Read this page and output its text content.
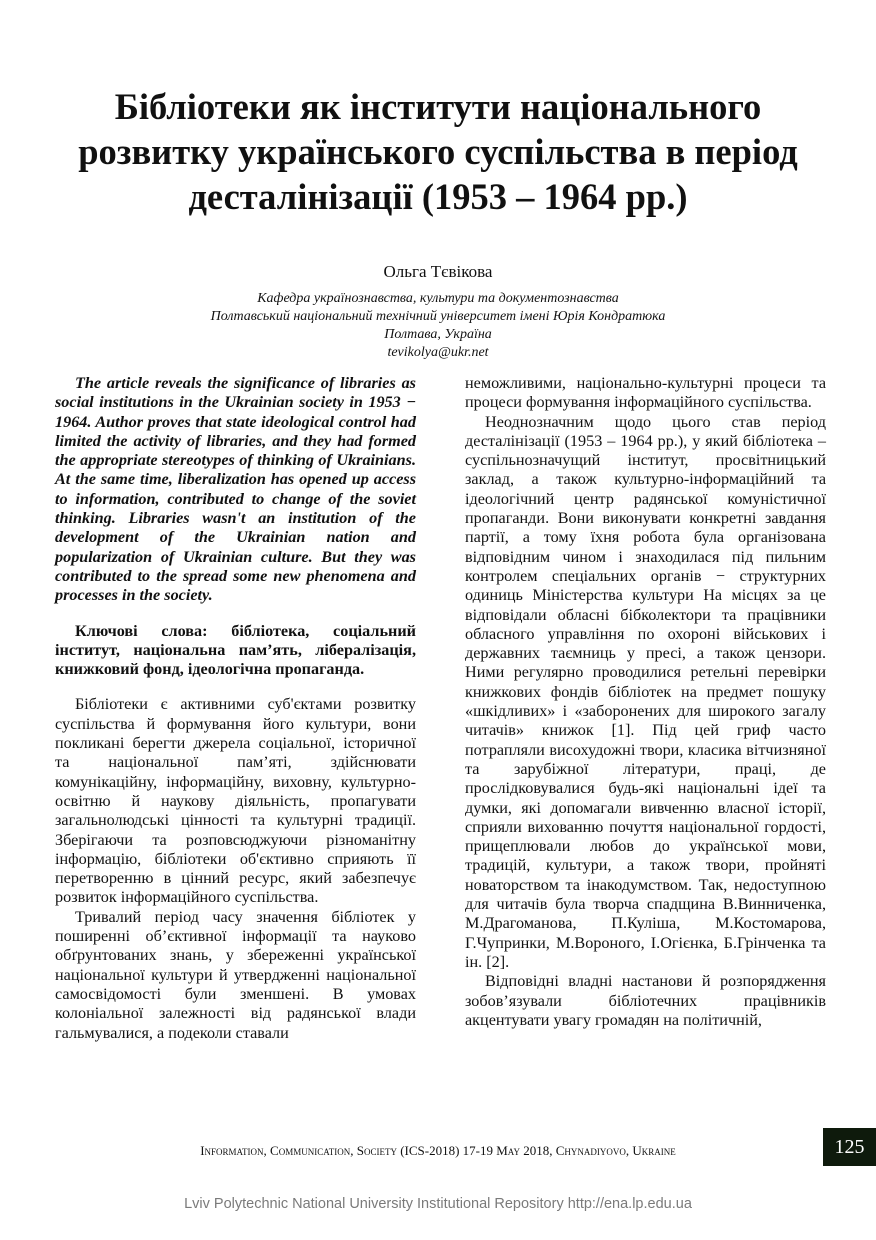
Бібліотеки як інститути національного розвитку українського суспільства в період десталінізації (1953 – 1964 рр.)
Ольга Тєвікова
Кафедра українознавства, культури та документознавства
Полтавський національний технічний університет імені Юрія Кондратюка
Полтава, Україна
tevikolya@ukr.net

The article reveals the significance of libraries as social institutions in the Ukrainian society in 1953 − 1964. Author proves that state ideological control had limited the activity of libraries, and they had formed the appropriate stereotypes of thinking of Ukrainians. At the same time, liberalization has opened up access to information, contributed to change of the soviet thinking. Libraries wasn't an institution of the development of the Ukrainian nation and popularization of Ukrainian culture. But they was contributed to the spread some new phenomena and processes in the society.

Ключові слова: бібліотека, соціальний інститут, національна пам’ять, лібералізація, книжковий фонд, ідеологічна пропаганда.

Бібліотеки є активними суб'єктами розвитку суспільства й формування його культури, вони покликані берегти джерела соціальної, історичної та національної пам’яті, здійснювати комунікаційну, інформаційну, виховну, культурно-освітню й наукову діяльність, пропагувати загальнолюдські цінності та культурні традиції. Зберігаючи та розповсюджуючи різноманітну інформацію, бібліотеки об'єктивно сприяють її перетворенню в цінний ресурс, який забезпечує розвиток інформаційного суспільства.

Тривалий період часу значення бібліотек у поширенні об’єктивної інформації та науково обґрунтованих знань, у збереженні української національної культури й утвердженні національної самосвідомості були зменшені. В умовах колоніальної залежності від радянської влади гальмувалися, а подеколи ставали

неможливими, національно-культурні процеси та процеси формування інформаційного суспільства.

Неоднозначним щодо цього став період десталінізації (1953 – 1964 рр.), у який бібліотека – суспільнозначущий інститут, просвітницький заклад, а також культурно-інформаційний та ідеологічний центр радянської комуністичної пропаганди. Вони виконувати конкретні завдання партії, а тому їхня робота була організована відповідним чином і знаходилася під пильним контролем спеціальних органів − структурних одиниць Міністерства культури На місцях за це відповідали обласні бібколектори та працівники обласного управління по охороні військових і державних таємниць у пресі, а також цензори. Ними регулярно проводилися ретельні перевірки книжкових фондів бібліотек на предмет пошуку «шкідливих» і «заборонених для широкого загалу читачів» книжок [1]. Під цей гриф часто потрапляли висохудожні твори, класика вітчизняної та зарубіжної літератури, праці, де прослідковувалися будь-які національні ідеї та думки, які допомагали вивченню власної історії, сприяли вихованню почуття національної гордості, прищеплювали любов до української мови, традицій, культури, а також твори, пройняті новаторством та інакодумством. Так, недоступною для читачів була творча спадщина В.Винниченка, М.Драгоманова, П.Куліша, М.Костомарова, Г.Чупринки, М.Вороного, І.Огієнка, Б.Грінченка та ін. [2].

Відповідні владні настанови й розпорядження зобов’язували бібліотечних працівників акцентувати увагу громадян на політичній,

Information, Communication, Society (ICS-2018) 17-19 May 2018, Chynadiyovo, Ukraine	125
Lviv Polytechnic National University Institutional Repository http://ena.lp.edu.ua
